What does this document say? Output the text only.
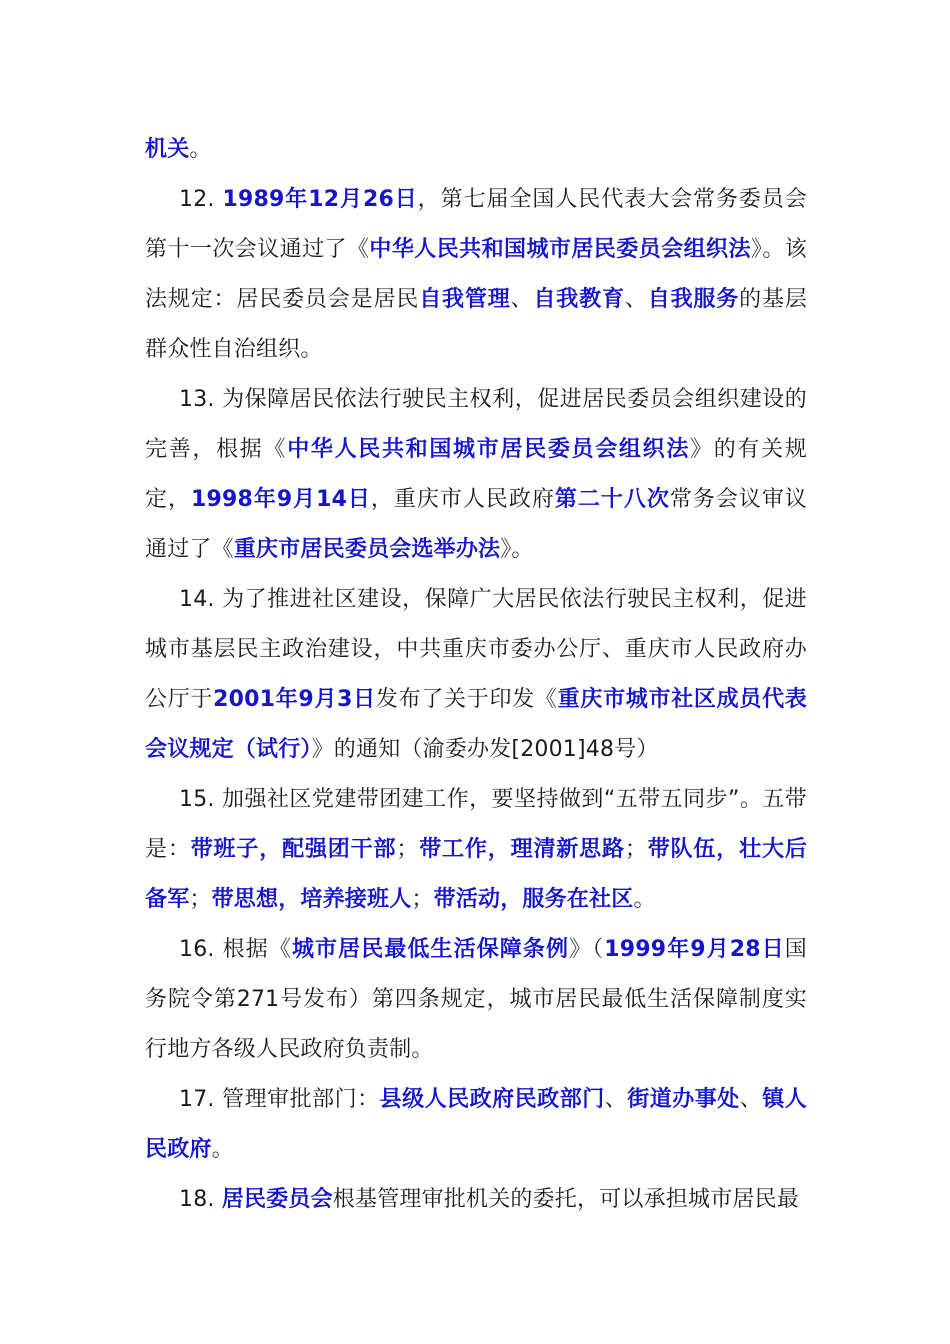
机关。

12. 1989年12月26日，第七届全国人民代表大会常务委员会第十一次会议通过了《中华人民共和国城市居民委员会组织法》。该法规定：居民委员会是居民自我管理、自我教育、自我服务的基层群众性自治组织。

13. 为保障居民依法行驶民主权利，促进居民委员会组织建设的完善，根据《中华人民共和国城市居民委员会组织法》的有关规定，1998年9月14日，重庆市人民政府第二十八次常务会议审议通过了《重庆市居民委员会选举办法》。

14. 为了推进社区建设，保障广大居民依法行驶民主权利，促进城市基层民主政治建设，中共重庆市委办公厅、重庆市人民政府办公厅于2001年9月3日发布了关于印发《重庆市城市社区成员代表会议规定（试行）》的通知（渝委办发[2001]48号）

15. 加强社区党建带团建工作，要坚持做到“五带五同步”。五带是：带班子，配强团干部；带工作，理清新思路；带队伍，壮大后备军；带思想，培养接班人；带活动，服务在社区。

16. 根据《城市居民最低生活保障条例》（1999年9月28日国务院令第271号发布）第四条规定，城市居民最低生活保障制度实行地方各级人民政府负责制。

17. 管理审批部门：县级人民政府民政部门、街道办事处、镇人民政府。

18. 居民委员会根基管理审批机关的委托，可以承担城市居民最
